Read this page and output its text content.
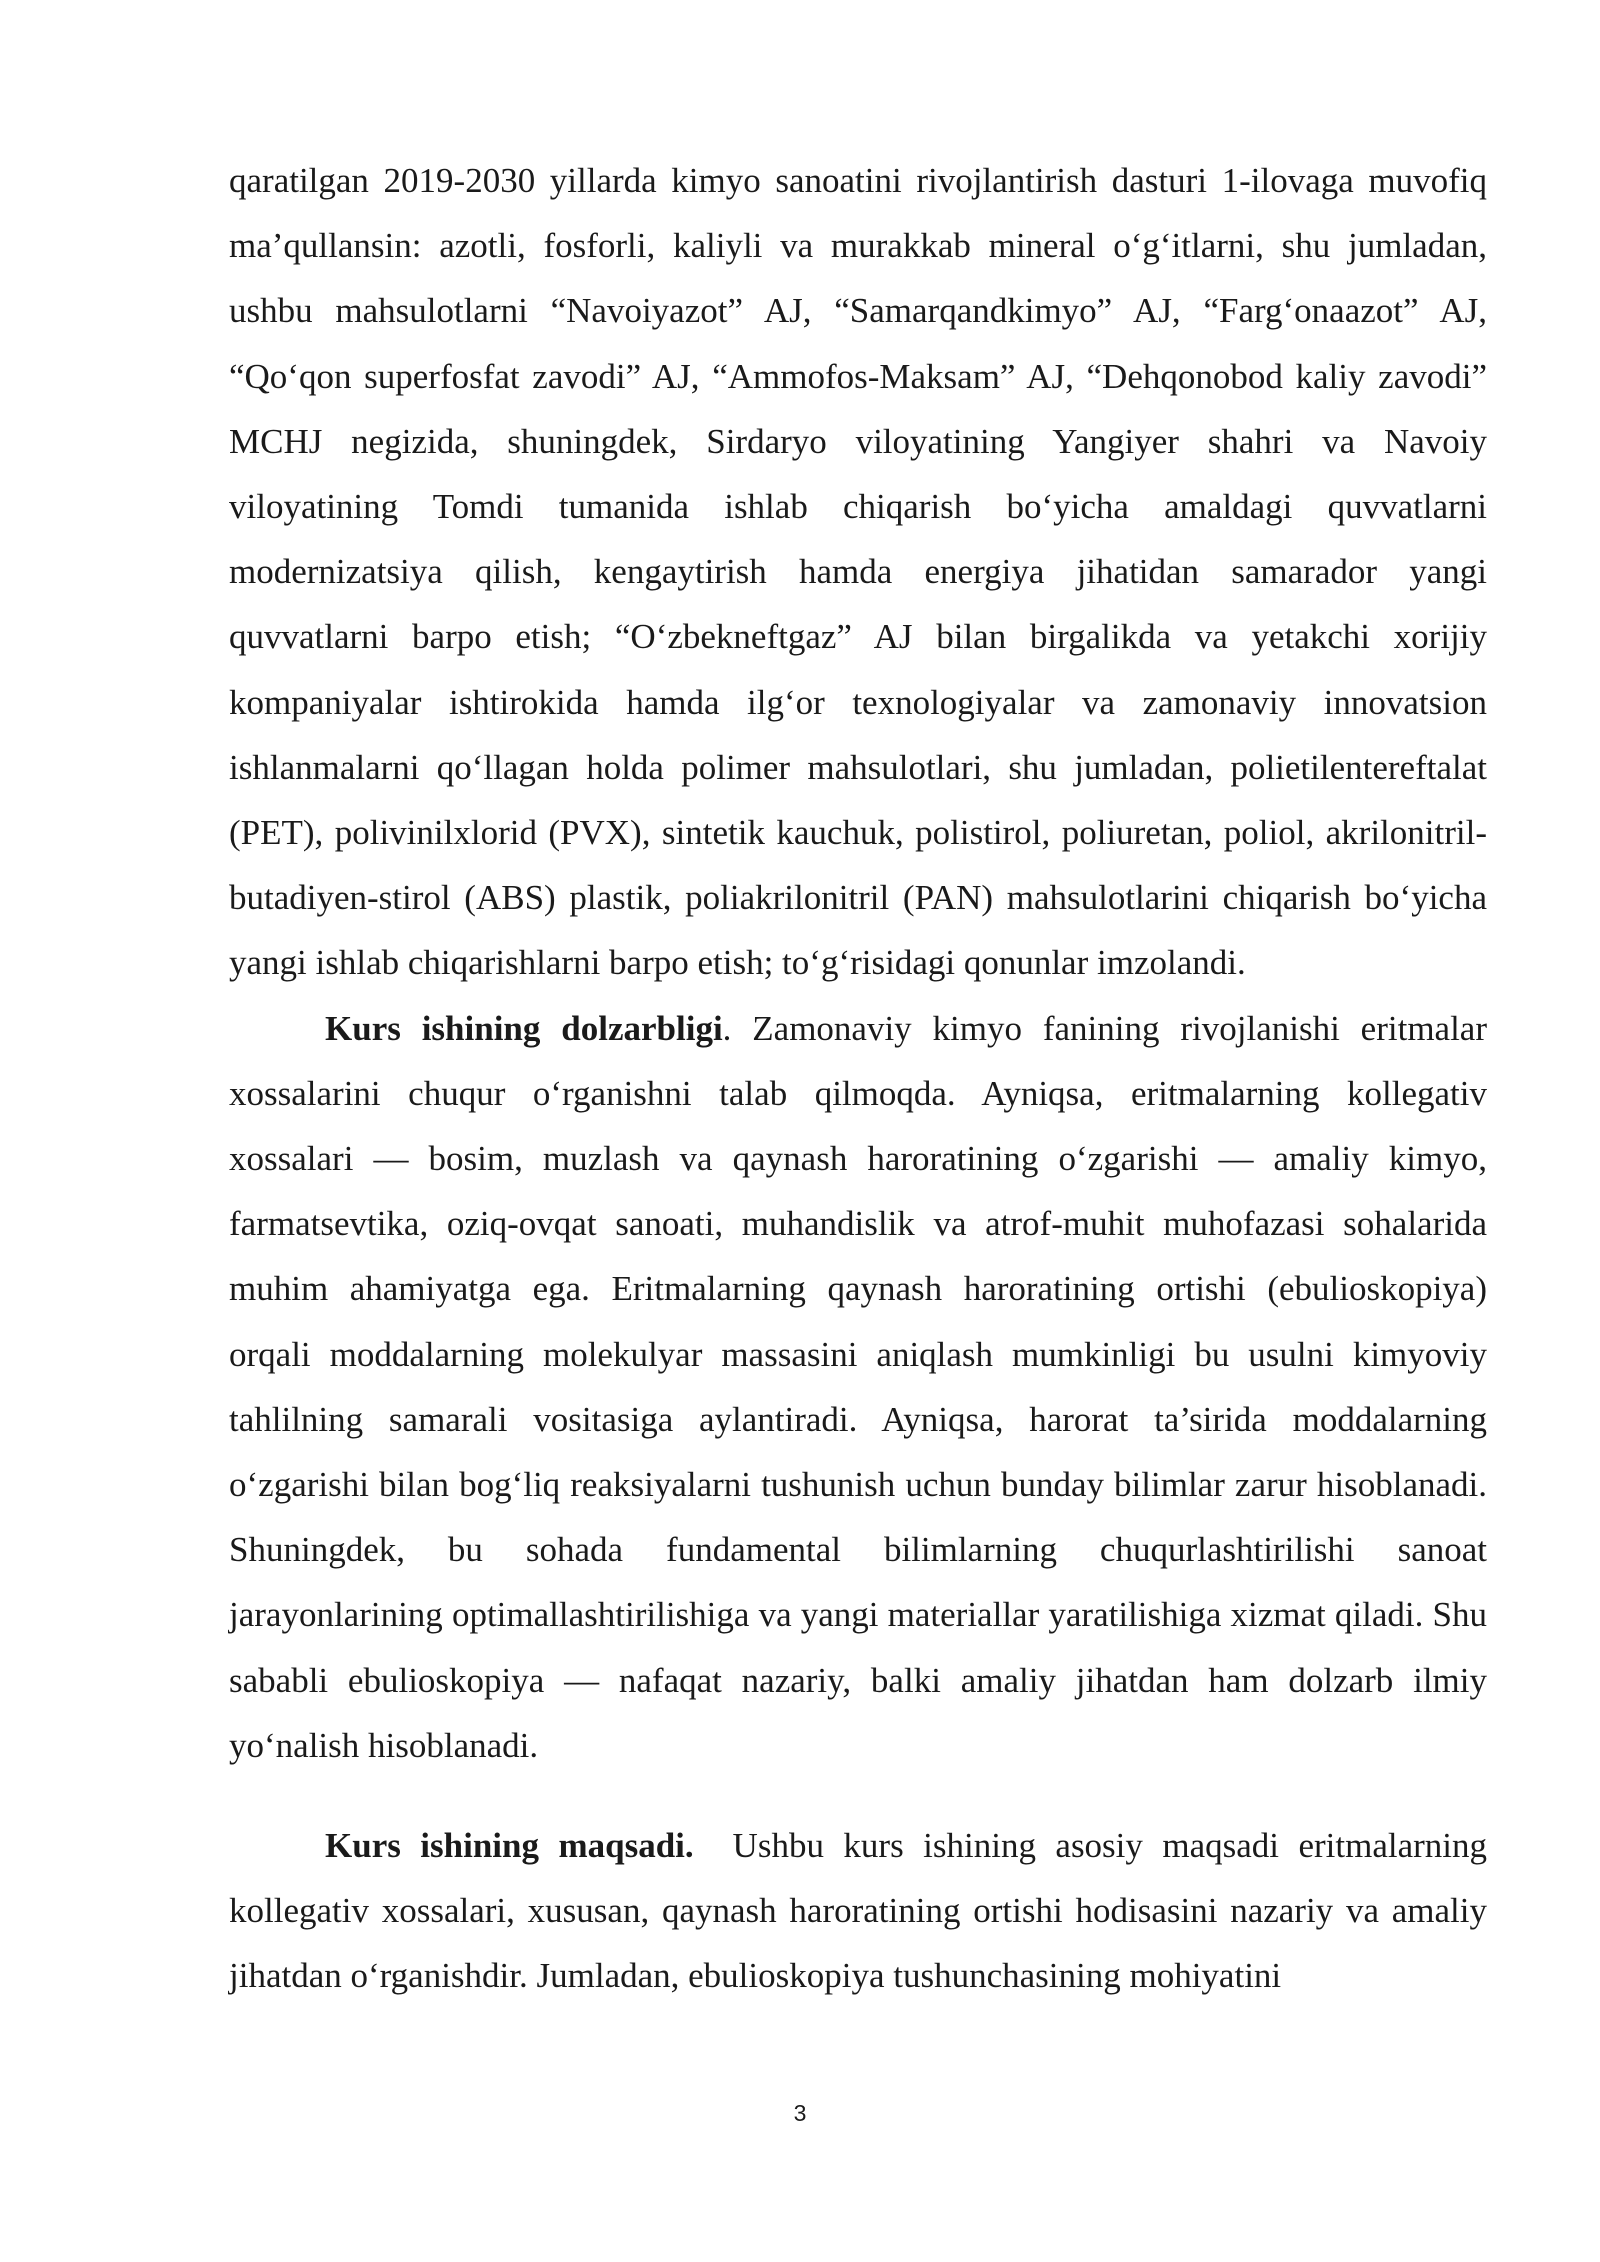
qaratilgan 2019-2030 yillarda kimyo sanoatini rivojlantirish dasturi 1-ilovaga muvofiq ma’qullansin: azotli, fosforli, kaliyli va murakkab mineral o‘g‘itlarni, shu jumladan, ushbu mahsulotlarni “Navoiyazot” AJ, “Samarqandkimyo” AJ, “Farg‘onaazot” AJ, “Qo‘qon superfosfat zavodi” AJ, “Ammofos-Maksam” AJ, “Dehqonobod kaliy zavodi” MCHJ negizida, shuningdek, Sirdaryo viloyatining Yangiyer shahri va Navoiy viloyatining Tomdi tumanida ishlab chiqarish bo‘yicha amaldagi quvvatlarni modernizatsiya qilish, kengaytirish hamda energiya jihatidan samarador yangi quvvatlarni barpo etish; “O‘zbekneftgaz” AJ bilan birgalikda va yetakchi xorijiy kompaniyalar ishtirokida hamda ilg‘or texnologiyalar va zamonaviy innovatsion ishlanmalarni qo‘llagan holda polimer mahsulotlari, shu jumladan, polietilentereftalat (PET), polivinilxlorid (PVX), sintetik kauchuk, polistirol, poliuretan, poliol, akrilonitril-butadiyen-stirol (ABS) plastik, poliakrilonitril (PAN) mahsulotlarini chiqarish bo‘yicha yangi ishlab chiqarishlarni barpo etish; to‘g‘risidagi qonunlar imzolandi.

Kurs ishining dolzarbligi. Zamonaviy kimyo fanining rivojlanishi eritmalar xossalarini chuqur o‘rganishni talab qilmoqda. Ayniqsa, eritmalarning kollegativ xossalari — bosim, muzlash va qaynash haroratining o‘zgarishi — amaliy kimyo, farmatsevtika, oziq-ovqat sanoati, muhandislik va atrof-muhit muhofazasi sohalarida muhim ahamiyatga ega. Eritmalarning qaynash haroratining ortishi (ebulioskopiya) orqali moddalarning molekulyar massasini aniqlash mumkinligi bu usulni kimyoviy tahlilning samarali vositasiga aylantiradi. Ayniqsa, harorat ta’sirida moddalarning o‘zgarishi bilan bog‘liq reaksiyalarni tushunish uchun bunday bilimlar zarur hisoblanadi. Shuningdek, bu sohada fundamental bilimlarning chuqurlashtirilishi sanoat jarayonlarining optimallashtirilishiga va yangi materiallar yaratilishiga xizmat qiladi. Shu sababli ebulioskopiya — nafaqat nazariy, balki amaliy jihatdan ham dolzarb ilmiy yo‘nalish hisoblanadi.

Kurs ishining maqsadi.  Ushbu kurs ishining asosiy maqsadi eritmalarning kollegativ xossalari, xususan, qaynash haroratining ortishi hodisasini nazariy va amaliy jihatdan o‘rganishdir. Jumladan, ebulioskopiya tushunchasining mohiyatini

3
